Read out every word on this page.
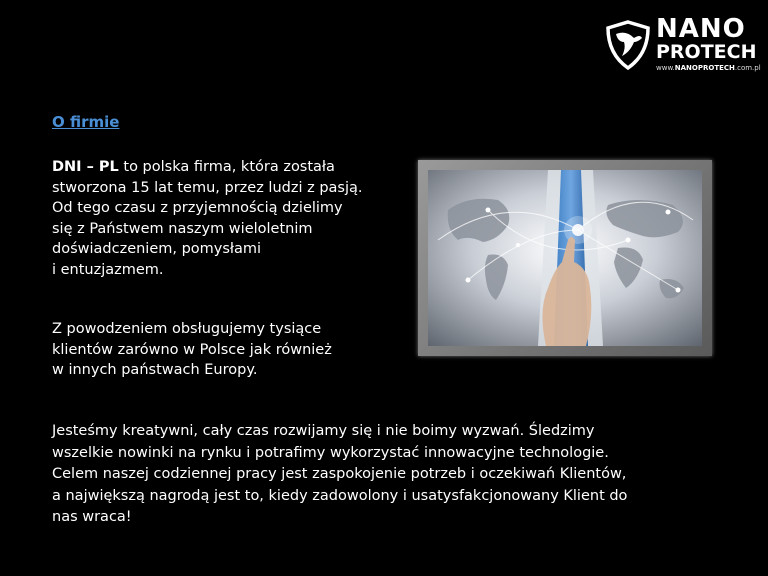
NANO
PROTECH
www.NANOPROTECH.com.pl
O firmie
DNI – PL to polska firma, która została
stworzona 15 lat temu, przez ludzi z pasją.
Od tego czasu z przyjemnością dzielimy
się z Państwem naszym wieloletnim
doświadczeniem, pomysłami
i entuzjazmem.
Z powodzeniem obsługujemy tysiące
klientów zarówno w Polsce jak również
w innych państwach Europy.
Jesteśmy kreatywni, cały czas rozwijamy się i nie boimy wyzwań. Śledzimy
wszelkie nowinki na rynku i potrafimy wykorzystać innowacyjne technologie.
Celem naszej codziennej pracy jest zaspokojenie potrzeb i oczekiwań Klientów,
a największą nagrodą jest to, kiedy zadowolony i usatysfakcjonowany Klient do
nas wraca!
